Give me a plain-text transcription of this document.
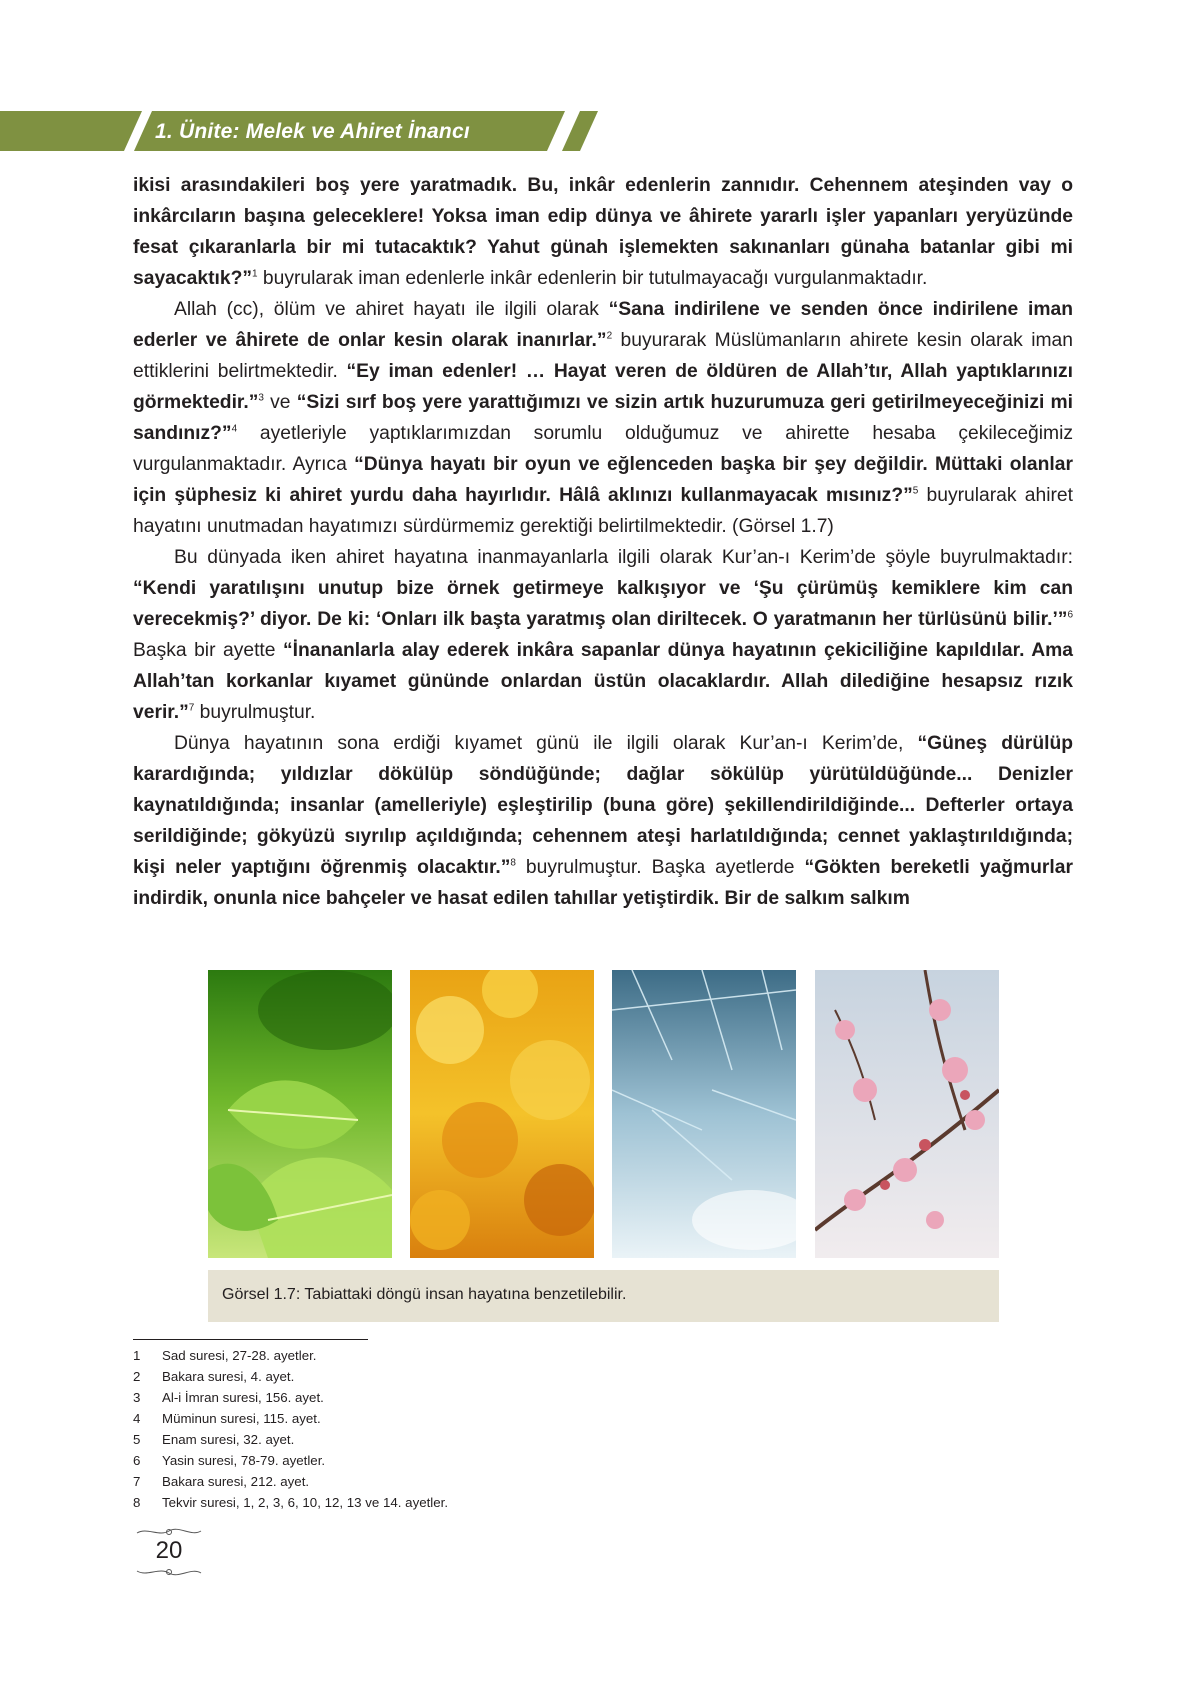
1. Ünite: Melek ve Ahiret İnancı

ikisi arasındakileri boş yere yaratmadık. Bu, inkâr edenlerin zannıdır. Cehennem ateşinden vay o inkârcıların başına geleceklere! Yoksa iman edip dünya ve âhirete yararlı işler yapanları yeryüzünde fesat çıkaranlarla bir mi tutacaktık? Yahut günah işlemekten sakınanları günaha batanlar gibi mi sayacaktık?”$^1$ buyrularak iman edenlerle inkâr edenlerin bir tutulmayacağı vurgulanmaktadır.

Allah (cc), ölüm ve ahiret hayatı ile ilgili olarak “Sana indirilene ve senden önce indirilene iman ederler ve âhirete de onlar kesin olarak inanırlar.”$^2$ buyurarak Müslümanların ahirete kesin olarak iman ettiklerini belirtmektedir. “Ey iman edenler! … Hayat veren de öldüren de Allah’tır, Allah yaptıklarınızı görmektedir.”$^3$ ve “Sizi sırf boş yere yarattığımızı ve sizin artık huzurumuza geri getirilmeyeceğinizi mi sandınız?”$^4$ ayetleriyle yaptıklarımızdan sorumlu olduğumuz ve ahirette hesaba çekileceğimiz vurgulanmaktadır. Ayrıca “Dünya hayatı bir oyun ve eğlenceden başka bir şey değildir. Müttaki olanlar için şüphesiz ki ahiret yurdu daha hayırlıdır. Hâlâ aklınızı kullanmayacak mısınız?”$^5$ buyrularak ahiret hayatını unutmadan hayatımızı sürdürmemiz gerektiği belirtilmektedir. (Görsel 1.7)

Bu dünyada iken ahiret hayatına inanmayanlarla ilgili olarak Kur’an-ı Kerim’de şöyle buyrulmaktadır: “Kendi yaratılışını unutup bize örnek getirmeye kalkışıyor ve ‘Şu çürümüş kemiklere kim can verecekmiş?’ diyor. De ki: ‘Onları ilk başta yaratmış olan diriltecek. O yaratmanın her türlüsünü bilir.’”$^6$ Başka bir ayette “İnananlarla alay ederek inkâra sapanlar dünya hayatının çekiciliğine kapıldılar. Ama Allah’tan korkanlar kıyamet gününde onlardan üstün olacaklardır. Allah dilediğine hesapsız rızık verir.”$^7$ buyrulmuştur.

Dünya hayatının sona erdiği kıyamet günü ile ilgili olarak Kur’an-ı Kerim’de, “Güneş dürülüp karardığında; yıldızlar dökülüp söndüğünde; dağlar sökülüp yürütüldüğünde... Denizler kaynatıldığında; insanlar (amelleriyle) eşleştirilip (buna göre) şekillendirildiğinde... Defterler ortaya serildiğinde; gökyüzü sıyrılıp açıldığında; cehennem ateşi harlatıldığında; cennet yaklaştırıldığında; kişi neler yaptığını öğrenmiş olacaktır.”$^8$ buyrulmuştur. Başka ayetlerde “Gökten bereketli yağmurlar indirdik, onunla nice bahçeler ve hasat edilen tahıllar yetiştirdik. Bir de salkım salkım

Görsel 1.7: Tabiattaki döngü insan hayatına benzetilebilir.
1	Sad suresi, 27-28. ayetler.
2	Bakara suresi, 4. ayet.
3	Al-i İmran suresi, 156. ayet.
4	Müminun suresi, 115. ayet.
5	Enam suresi, 32. ayet.
6	Yasin suresi, 78-79. ayetler.
7	Bakara suresi, 212. ayet.
8	Tekvir suresi, 1, 2, 3, 6, 10, 12, 13 ve 14. ayetler.
20
